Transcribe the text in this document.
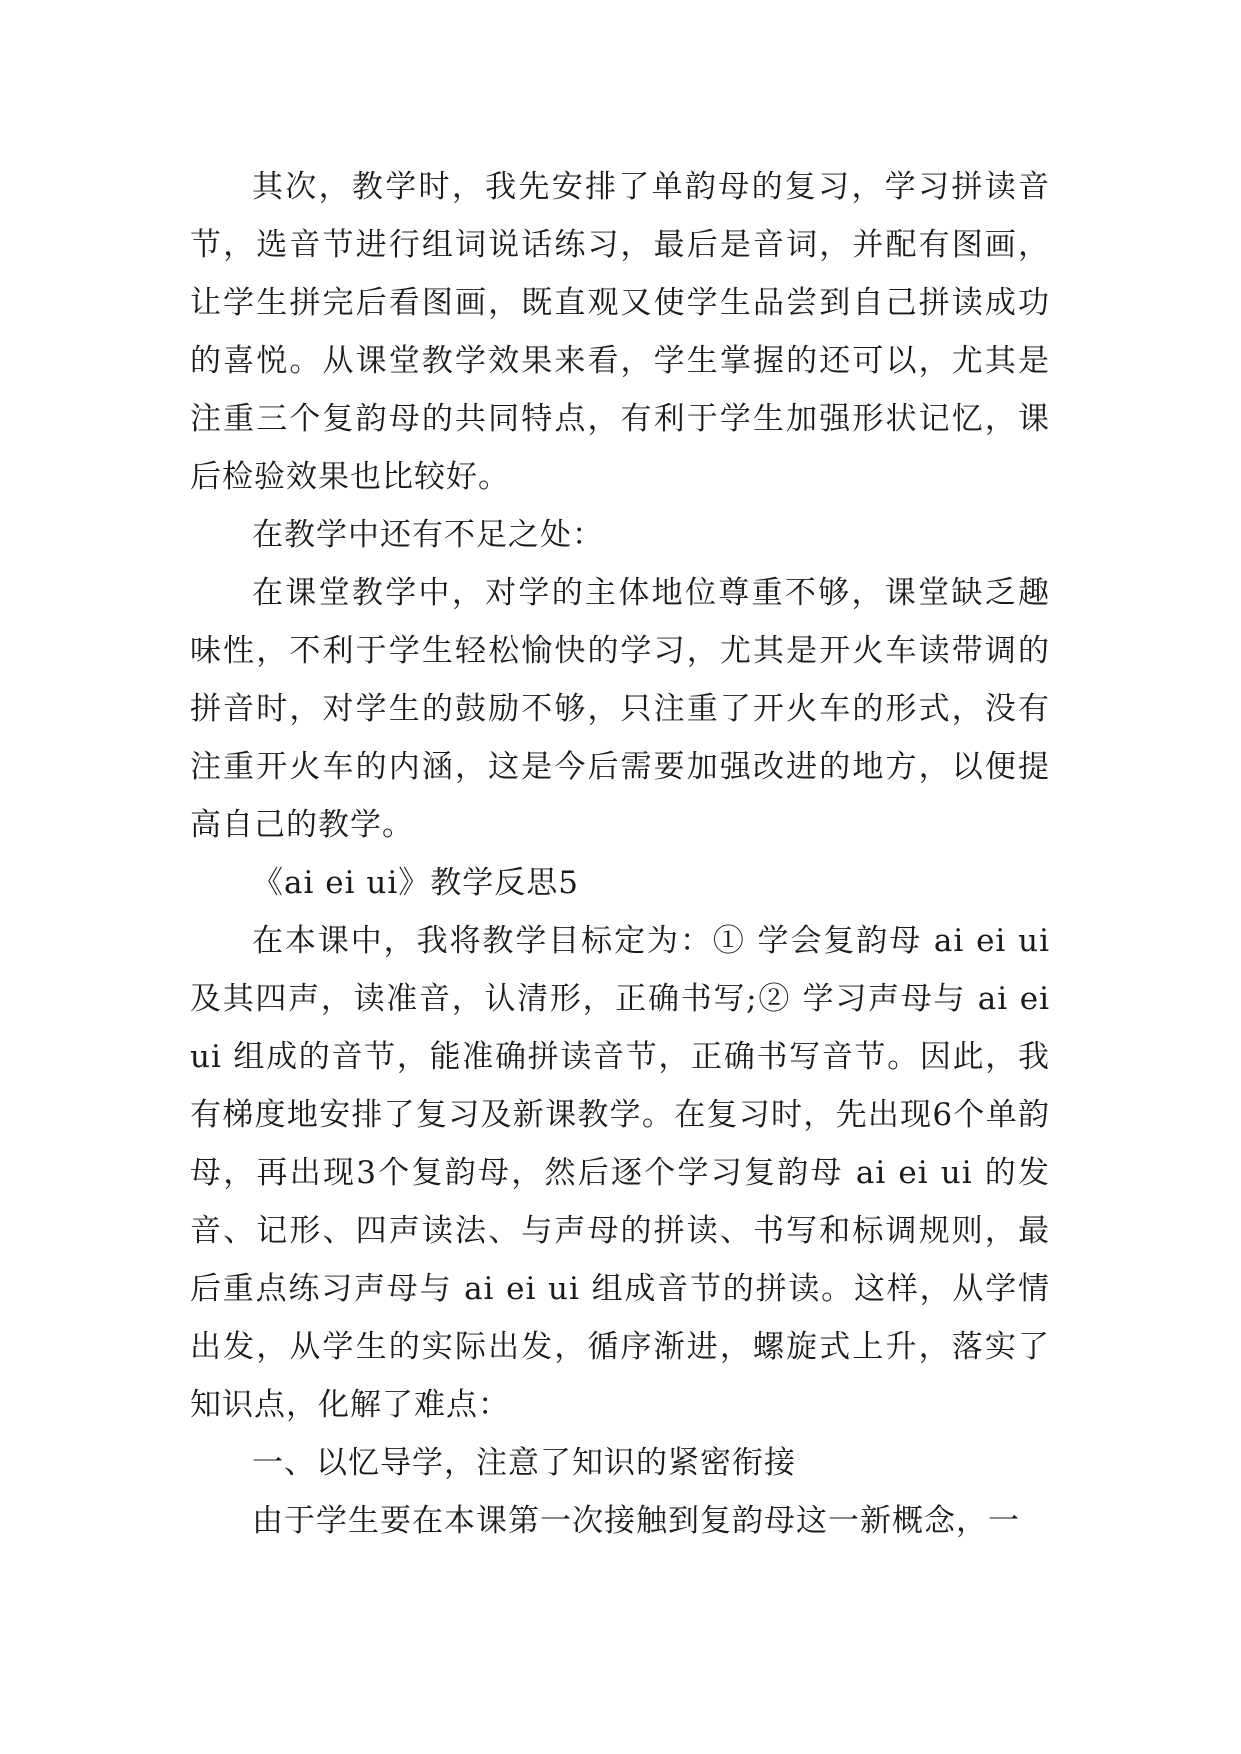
其次，教学时，我先安排了单韵母的复习，学习拼读音节，选音节进行组词说话练习，最后是音词，并配有图画，让学生拼完后看图画，既直观又使学生品尝到自己拼读成功的喜悦。从课堂教学效果来看，学生掌握的还可以，尤其是注重三个复韵母的共同特点，有利于学生加强形状记忆，课后检验效果也比较好。

在教学中还有不足之处：

在课堂教学中，对学的主体地位尊重不够，课堂缺乏趣味性，不利于学生轻松愉快的学习，尤其是开火车读带调的拼音时，对学生的鼓励不够，只注重了开火车的形式，没有注重开火车的内涵，这是今后需要加强改进的地方，以便提高自己的教学。

《ai ei ui》教学反思5

在本课中，我将教学目标定为：① 学会复韵母 ai ei ui 及其四声，读准音，认清形，正确书写;② 学习声母与 ai ei ui 组成的音节，能准确拼读音节，正确书写音节。因此，我有梯度地安排了复习及新课教学。在复习时，先出现6个单韵母，再出现3个复韵母，然后逐个学习复韵母 ai ei ui 的发音、记形、四声读法、与声母的拼读、书写和标调规则，最后重点练习声母与 ai ei ui 组成音节的拼读。这样，从学情出发，从学生的实际出发，循序渐进，螺旋式上升，落实了知识点，化解了难点：

一、以忆导学，注意了知识的紧密衔接

由于学生要在本课第一次接触到复韵母这一新概念，一
